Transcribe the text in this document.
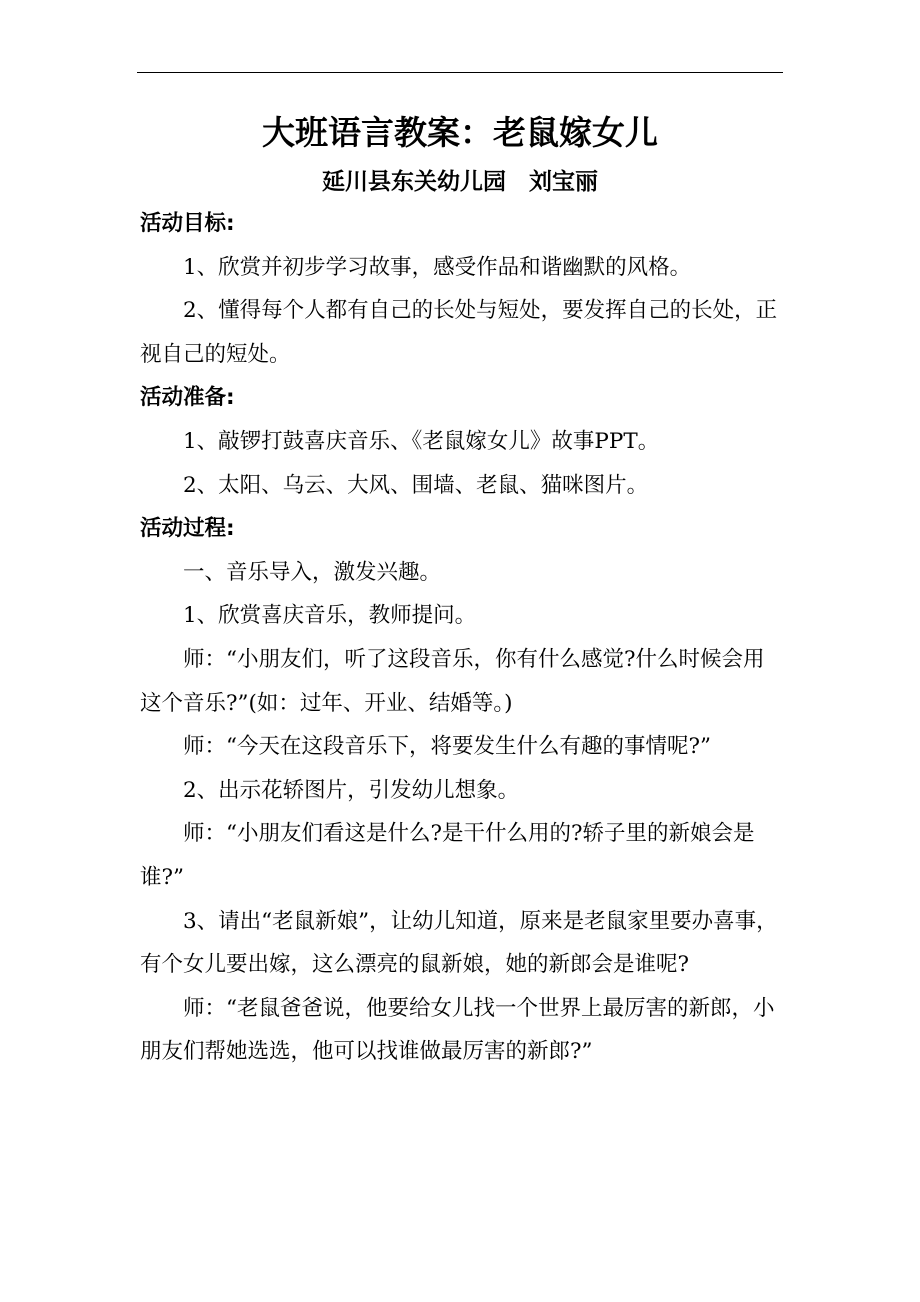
大班语言教案：老鼠嫁女儿
延川县东关幼儿园　刘宝丽

活动目标:

1、欣赏并初步学习故事，感受作品和谐幽默的风格。

2、懂得每个人都有自己的长处与短处，要发挥自己的长处，正视自己的短处。

活动准备:

1、敲锣打鼓喜庆音乐、《老鼠嫁女儿》故事PPT。

2、太阳、乌云、大风、围墙、老鼠、猫咪图片。

活动过程:

一、音乐导入，激发兴趣。

1、欣赏喜庆音乐，教师提问。

师：“小朋友们，听了这段音乐，你有什么感觉?什么时候会用这个音乐?”(如：过年、开业、结婚等。)

师：“今天在这段音乐下，将要发生什么有趣的事情呢?”

2、出示花轿图片，引发幼儿想象。

师：“小朋友们看这是什么?是干什么用的?轿子里的新娘会是谁?”

3、请出“老鼠新娘”，让幼儿知道，原来是老鼠家里要办喜事，有个女儿要出嫁，这么漂亮的鼠新娘，她的新郎会是谁呢?

师：“老鼠爸爸说，他要给女儿找一个世界上最厉害的新郎，小朋友们帮她选选，他可以找谁做最厉害的新郎?”
